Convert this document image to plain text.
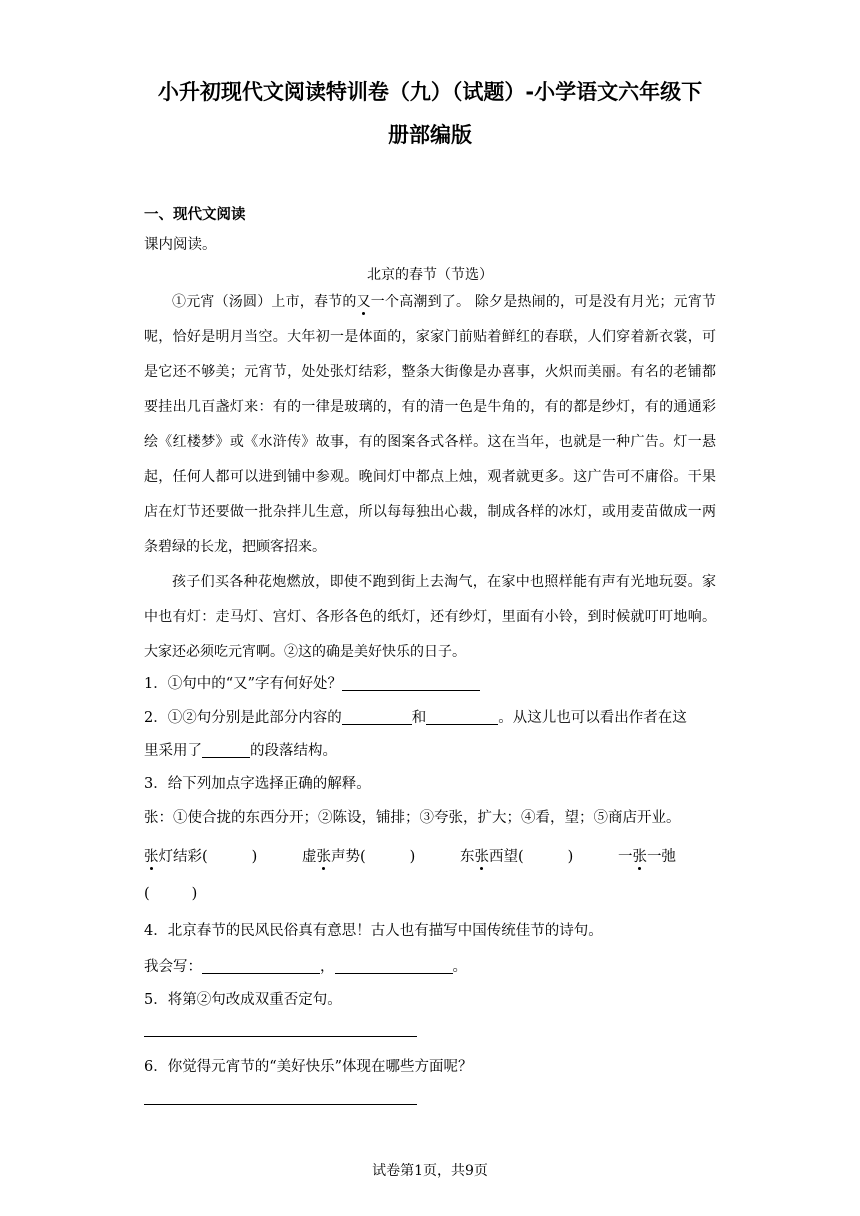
小升初现代文阅读特训卷（九）（试题）-小学语文六年级下
册部编版
一、现代文阅读
课内阅读。
北京的春节（节选）
①元宵（汤圆）上市，春节的又一个高潮到了。 除夕是热闹的，可是没有月光；元宵节呢，恰好是明月当空。大年初一是体面的，家家门前贴着鲜红的春联，人们穿着新衣裳，可是它还不够美；元宵节，处处张灯结彩，整条大街像是办喜事，火炽而美丽。有名的老铺都要挂出几百盏灯来：有的一律是玻璃的，有的清一色是牛角的，有的都是纱灯，有的通通彩绘《红楼梦》或《水浒传》故事，有的图案各式各样。这在当年，也就是一种广告。灯一悬起，任何人都可以进到铺中参观。晚间灯中都点上烛，观者就更多。这广告可不庸俗。干果店在灯节还要做一批杂拌儿生意，所以每每独出心裁，制成各样的冰灯，或用麦苗做成一两条碧绿的长龙，把顾客招来。
孩子们买各种花炮燃放，即使不跑到街上去淘气，在家中也照样能有声有光地玩耍。家中也有灯：走马灯、宫灯、各形各色的纸灯，还有纱灯，里面有小铃，到时候就叮叮地响。大家还必须吃元宵啊。②这的确是美好快乐的日子。
1．①句中的“又”字有何好处？
2．①②句分别是此部分内容的	和	。从这儿也可以看出作者在这
里采用了	的段落结构。
3．给下列加点字选择正确的解释。
张：①使合拢的东西分开；②陈设，铺排；③夸张，扩大；④看，望；⑤商店开业。
张灯结彩(	)	虚张声势(	)	东张西望(	)	一张一弛
(	)
4．北京春节的民风民俗真有意思！古人也有描写中国传统佳节的诗句。
我会写：	，	。
5．将第②句改成双重否定句。
6．你觉得元宵节的“美好快乐”体现在哪些方面呢？
试卷第1页，共9页
